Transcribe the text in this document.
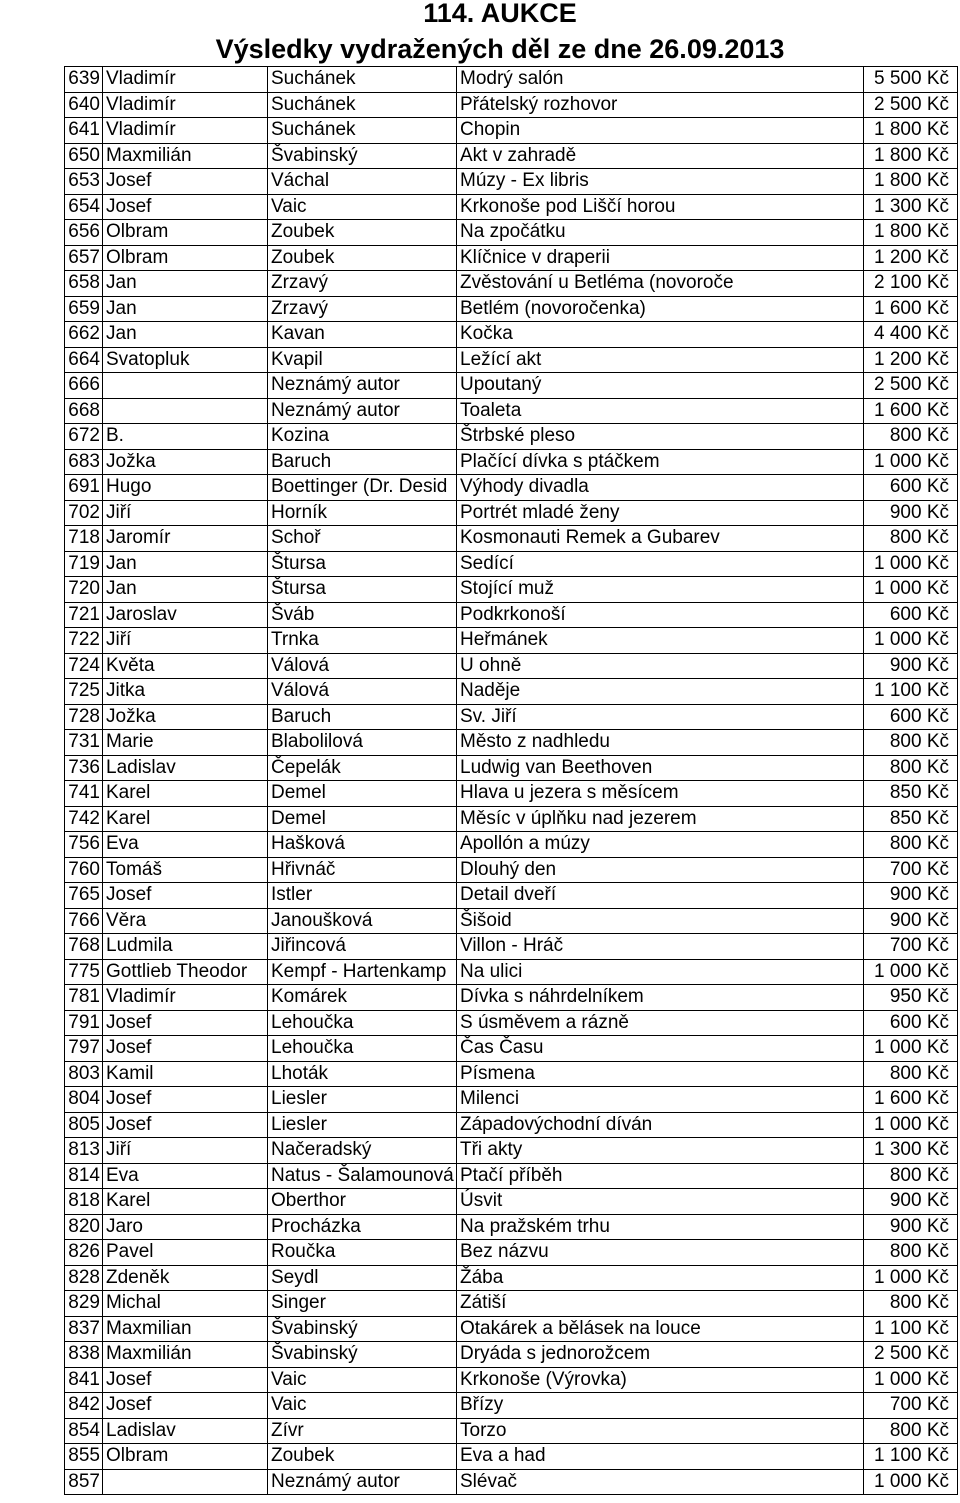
114. AUKCE
Výsledky vydražených děl ze dne 26.09.2013
639	Vladimír	Suchánek	Modrý salón	5 500 Kč
640	Vladimír	Suchánek	Přátelský rozhovor	2 500 Kč
641	Vladimír	Suchánek	Chopin	1 800 Kč
650	Maxmilián	Švabinský	Akt v zahradě	1 800 Kč
653	Josef	Váchal	Múzy - Ex libris	1 800 Kč
654	Josef	Vaic	Krkonoše pod Liščí horou	1 300 Kč
656	Olbram	Zoubek	Na zpočátku	1 800 Kč
657	Olbram	Zoubek	Klíčnice v draperii	1 200 Kč
658	Jan	Zrzavý	Zvěstování u Betléma (novoroče	2 100 Kč
659	Jan	Zrzavý	Betlém (novoročenka)	1 600 Kč
662	Jan	Kavan	Kočka	4 400 Kč
664	Svatopluk	Kvapil	Ležící akt	1 200 Kč
666		Neznámý autor	Upoutaný	2 500 Kč
668		Neznámý autor	Toaleta	1 600 Kč
672	B.	Kozina	Štrbské pleso	800 Kč
683	Jožka	Baruch	Plačící dívka s ptáčkem	1 000 Kč
691	Hugo	Boettinger (Dr. Desid	Výhody divadla	600 Kč
702	Jiří	Horník	Portrét mladé ženy	900 Kč
718	Jaromír	Schoř	Kosmonauti Remek a Gubarev	800 Kč
719	Jan	Štursa	Sedící	1 000 Kč
720	Jan	Štursa	Stojící muž	1 000 Kč
721	Jaroslav	Šváb	Podkrkonoší	600 Kč
722	Jiří	Trnka	Heřmánek	1 000 Kč
724	Květa	Válová	U ohně	900 Kč
725	Jitka	Válová	Naděje	1 100 Kč
728	Jožka	Baruch	Sv. Jiří	600 Kč
731	Marie	Blabolilová	Město z nadhledu	800 Kč
736	Ladislav	Čepelák	Ludwig van Beethoven	800 Kč
741	Karel	Demel	Hlava u jezera s měsícem	850 Kč
742	Karel	Demel	Měsíc v úplňku nad jezerem	850 Kč
756	Eva	Hašková	Apollón a múzy	800 Kč
760	Tomáš	Hřivnáč	Dlouhý den	700 Kč
765	Josef	Istler	Detail dveří	900 Kč
766	Věra	Janoušková	Šišoid	900 Kč
768	Ludmila	Jiřincová	Villon - Hráč	700 Kč
775	Gottlieb Theodor	Kempf - Hartenkamp	Na ulici	1 000 Kč
781	Vladimír	Komárek	Dívka s náhrdelníkem	950 Kč
791	Josef	Lehoučka	S úsměvem a rázně	600 Kč
797	Josef	Lehoučka	Čas Času	1 000 Kč
803	Kamil	Lhoták	Písmena	800 Kč
804	Josef	Liesler	Milenci	1 600 Kč
805	Josef	Liesler	Západovýchodní díván	1 000 Kč
813	Jiří	Načeradský	Tři akty	1 300 Kč
814	Eva	Natus - Šalamounová	Ptačí příběh	800 Kč
818	Karel	Oberthor	Úsvit	900 Kč
820	Jaro	Procházka	Na pražském trhu	900 Kč
826	Pavel	Roučka	Bez názvu	800 Kč
828	Zdeněk	Seydl	Žába	1 000 Kč
829	Michal	Singer	Zátiší	800 Kč
837	Maxmilian	Švabinský	Otakárek a bělásek na louce	1 100 Kč
838	Maxmilián	Švabinský	Dryáda s jednorožcem	2 500 Kč
841	Josef	Vaic	Krkonoše (Výrovka)	1 000 Kč
842	Josef	Vaic	Břízy	700 Kč
854	Ladislav	Zívr	Torzo	800 Kč
855	Olbram	Zoubek	Eva a had	1 100 Kč
857		Neznámý autor	Slévač	1 000 Kč
